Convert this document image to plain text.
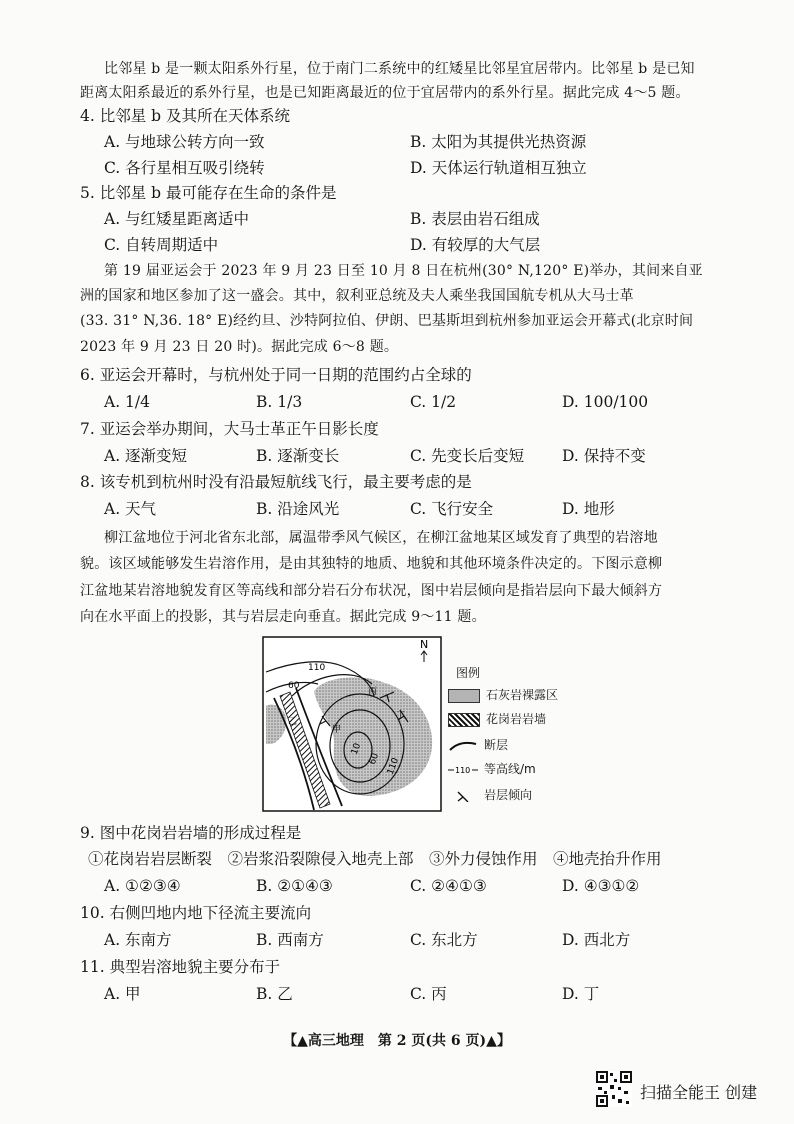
比邻星 b 是一颗太阳系外行星，位于南门二系统中的红矮星比邻星宜居带内。比邻星 b 是已知
距离太阳系最近的系外行星，也是已知距离最近的位于宜居带内的系外行星。据此完成 4～5 题。
4. 比邻星 b 及其所在天体系统
A. 与地球公转方向一致	B. 太阳为其提供光热资源
C. 各行星相互吸引绕转	D. 天体运行轨道相互独立
5. 比邻星 b 最可能存在生命的条件是
A. 与红矮星距离适中	B. 表层由岩石组成
C. 自转周期适中	D. 有较厚的大气层
第 19 届亚运会于 2023 年 9 月 23 日至 10 月 8 日在杭州(30° N,120° E)举办，其间来自亚
洲的国家和地区参加了这一盛会。其中，叙利亚总统及夫人乘坐我国国航专机从大马士革
(33. 31° N,36. 18° E)经约旦、沙特阿拉伯、伊朗、巴基斯坦到杭州参加亚运会开幕式(北京时间
2023 年 9 月 23 日 20 时)。据此完成 6～8 题。
6. 亚运会开幕时，与杭州处于同一日期的范围约占全球的
A. 1/4	B. 1/3	C. 1/2	D. 100/100
7. 亚运会举办期间，大马士革正午日影长度
A. 逐渐变短	B. 逐渐变长	C. 先变长后变短 D. 保持不变
8. 该专机到杭州时没有沿最短航线飞行，最主要考虑的是
A. 天气	B. 沿途风光	C. 飞行安全	D. 地形
柳江盆地位于河北省东北部，属温带季风气候区，在柳江盆地某区域发育了典型的岩溶地
貌。该区域能够发生岩溶作用，是由其独特的地质、地貌和其他环境条件决定的。下图示意柳
江盆地某岩溶地貌发育区等高线和部分岩石分布状况，图中岩层倾向是指岩层向下最大倾斜方
向在水平面上的投影，其与岩层走向垂直。据此完成 9～11 题。
N
110
60
10
60 110
甲
乙
丙
丁
图例
石灰岩裸露区
花岗岩岩墙
断层
110 等高线/m
岩层倾向
9. 图中花岗岩岩墙的形成过程是
①花岗岩岩层断裂　②岩浆沿裂隙侵入地壳上部　③外力侵蚀作用　④地壳抬升作用
A. ①②③④	B. ②①④③	C. ②④①③	D. ④③①②
10. 右侧凹地内地下径流主要流向
A. 东南方	B. 西南方	C. 东北方	D. 西北方
11. 典型岩溶地貌主要分布于
A. 甲	B. 乙	C. 丙	D. 丁
【▲高三地理　第 2 页(共 6 页)▲】
扫描全能王 创建
